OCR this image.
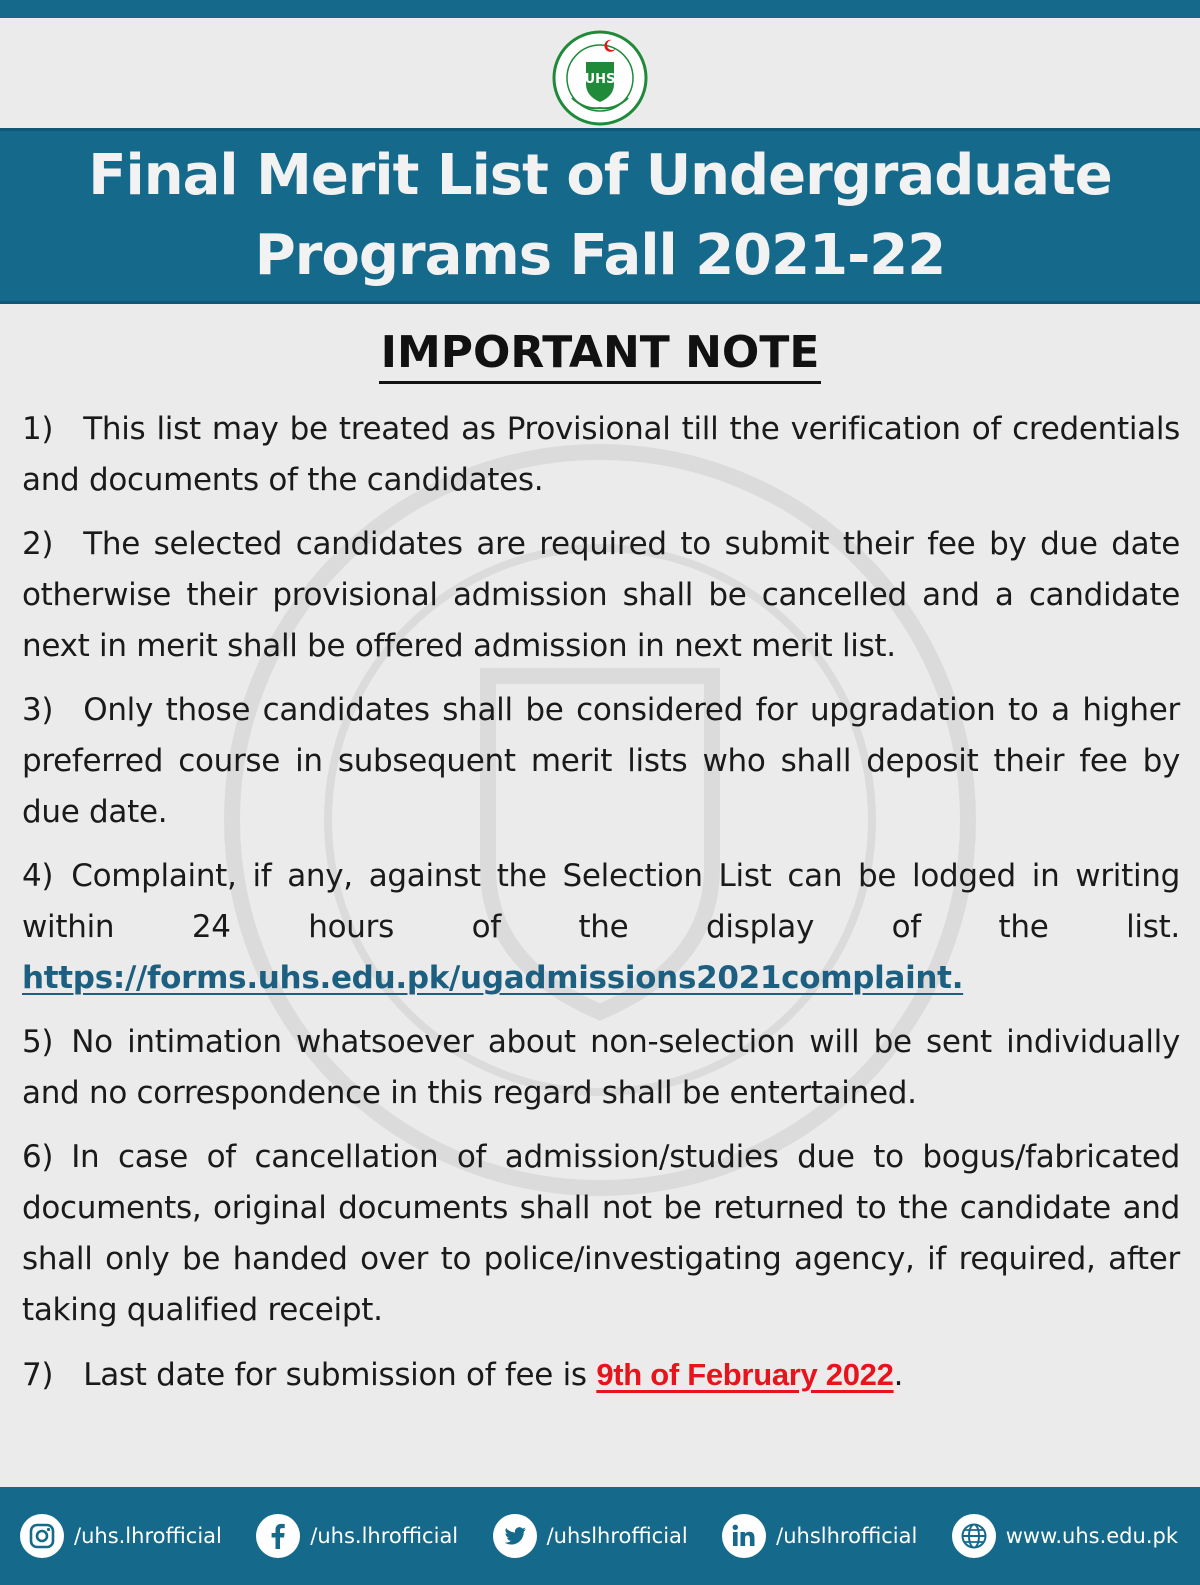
UHS
Final Merit List of Undergraduate
Programs Fall 2021-22
IMPORTANT NOTE

1) This list may be treated as Provisional till the verification of credentials and documents of the candidates.

2) The selected candidates are required to submit their fee by due date otherwise their provisional admission shall be cancelled and a candidate next in merit shall be offered admission in next merit list.

3) Only those candidates shall be considered for upgradation to a higher preferred course in subsequent merit lists who shall deposit their fee by due date.

4) Complaint, if any, against the Selection List can be lodged in writing within 24 hours of the display of the list. https://forms.uhs.edu.pk/ugadmissions2021complaint.

5) No intimation whatsoever about non-selection will be sent individually and no correspondence in this regard shall be entertained.

6) In case of cancellation of admission/studies due to bogus/fabricated documents, original documents shall not be returned to the candidate and shall only be handed over to police/investigating agency, if required, after taking qualified receipt.

7) Last date for submission of fee is 9th of February 2022.

/uhs.lhrofficial	/uhs.lhrofficial	/uhslhrofficial	/uhslhrofficial	www.uhs.edu.pk
